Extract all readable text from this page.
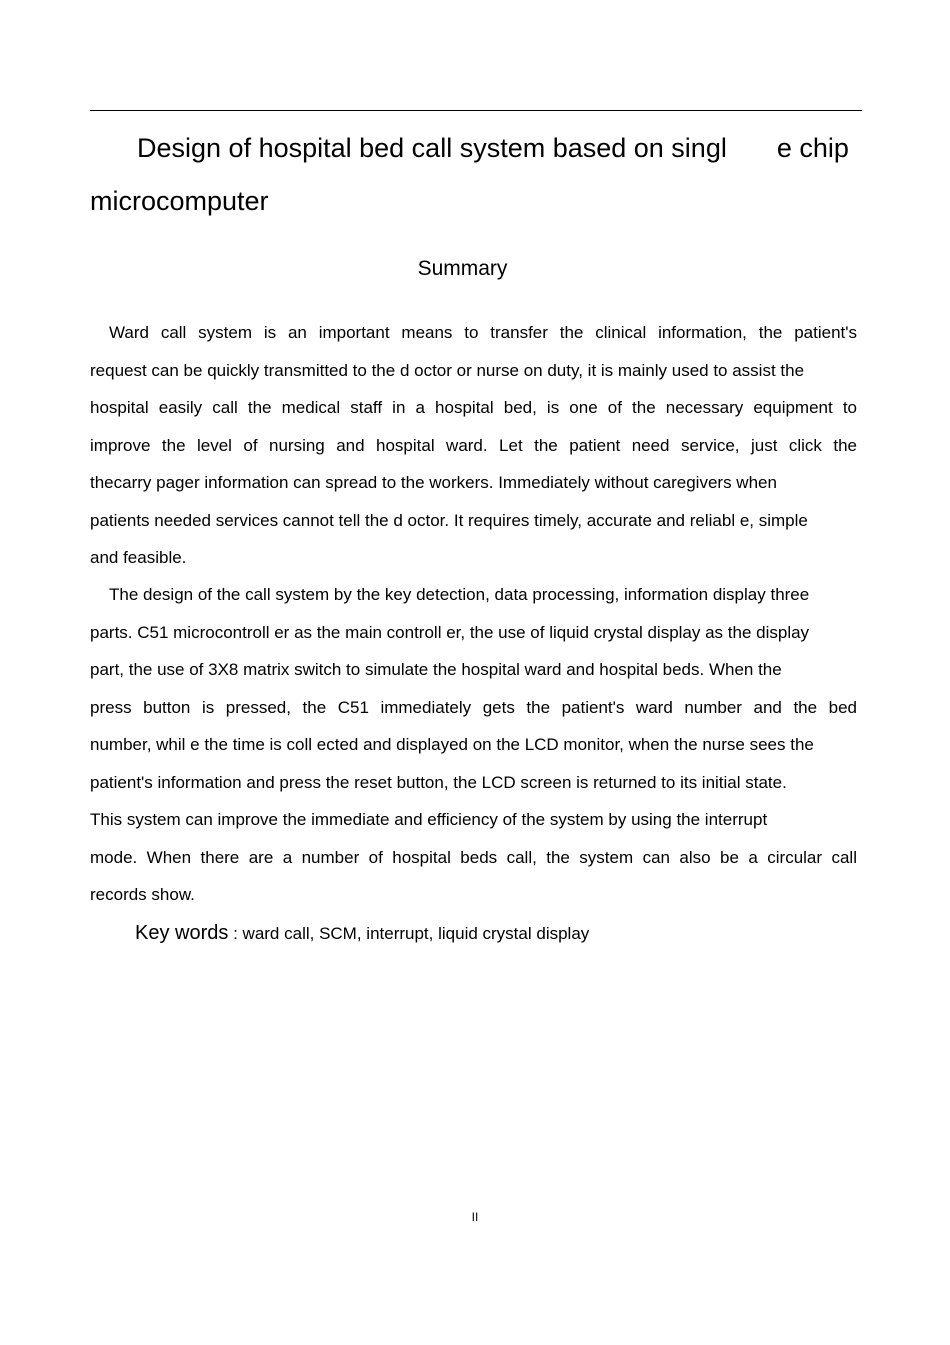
Design of hospital bed call system based on singl e chip
microcomputer
Summary
Ward call system is an important means to transfer the clinical information, the patient's
request can be quickly transmitted to the d octor or nurse on duty, it is mainly used to assist the
hospital easily call the medical staff in a hospital bed, is one of the necessary equipment to
improve the level of nursing and hospital ward. Let the patient need service, just click the
thecarry pager information can spread to the workers. Immediately without caregivers when
patients needed services cannot tell the d octor. It requires timely, accurate and reliabl e, simple
and feasible.
The design of the call system by the key detection, data processing, information display three
parts. C51 microcontroll er as the main controll er, the use of liquid crystal display as the display
part, the use of 3X8 matrix switch to simulate the hospital ward and hospital beds. When the
press button is pressed, the C51 immediately gets the patient's ward number and the bed
number, whil e the time is coll ected and displayed on the LCD monitor, when the nurse sees the
patient's information and press the reset button, the LCD screen is returned to its initial state.
This system can improve the immediate and efficiency of the system by using the interrupt
mode. When there are a number of hospital beds call, the system can also be a circular call
records show.

Key words : ward call, SCM, interrupt, liquid crystal display

II
